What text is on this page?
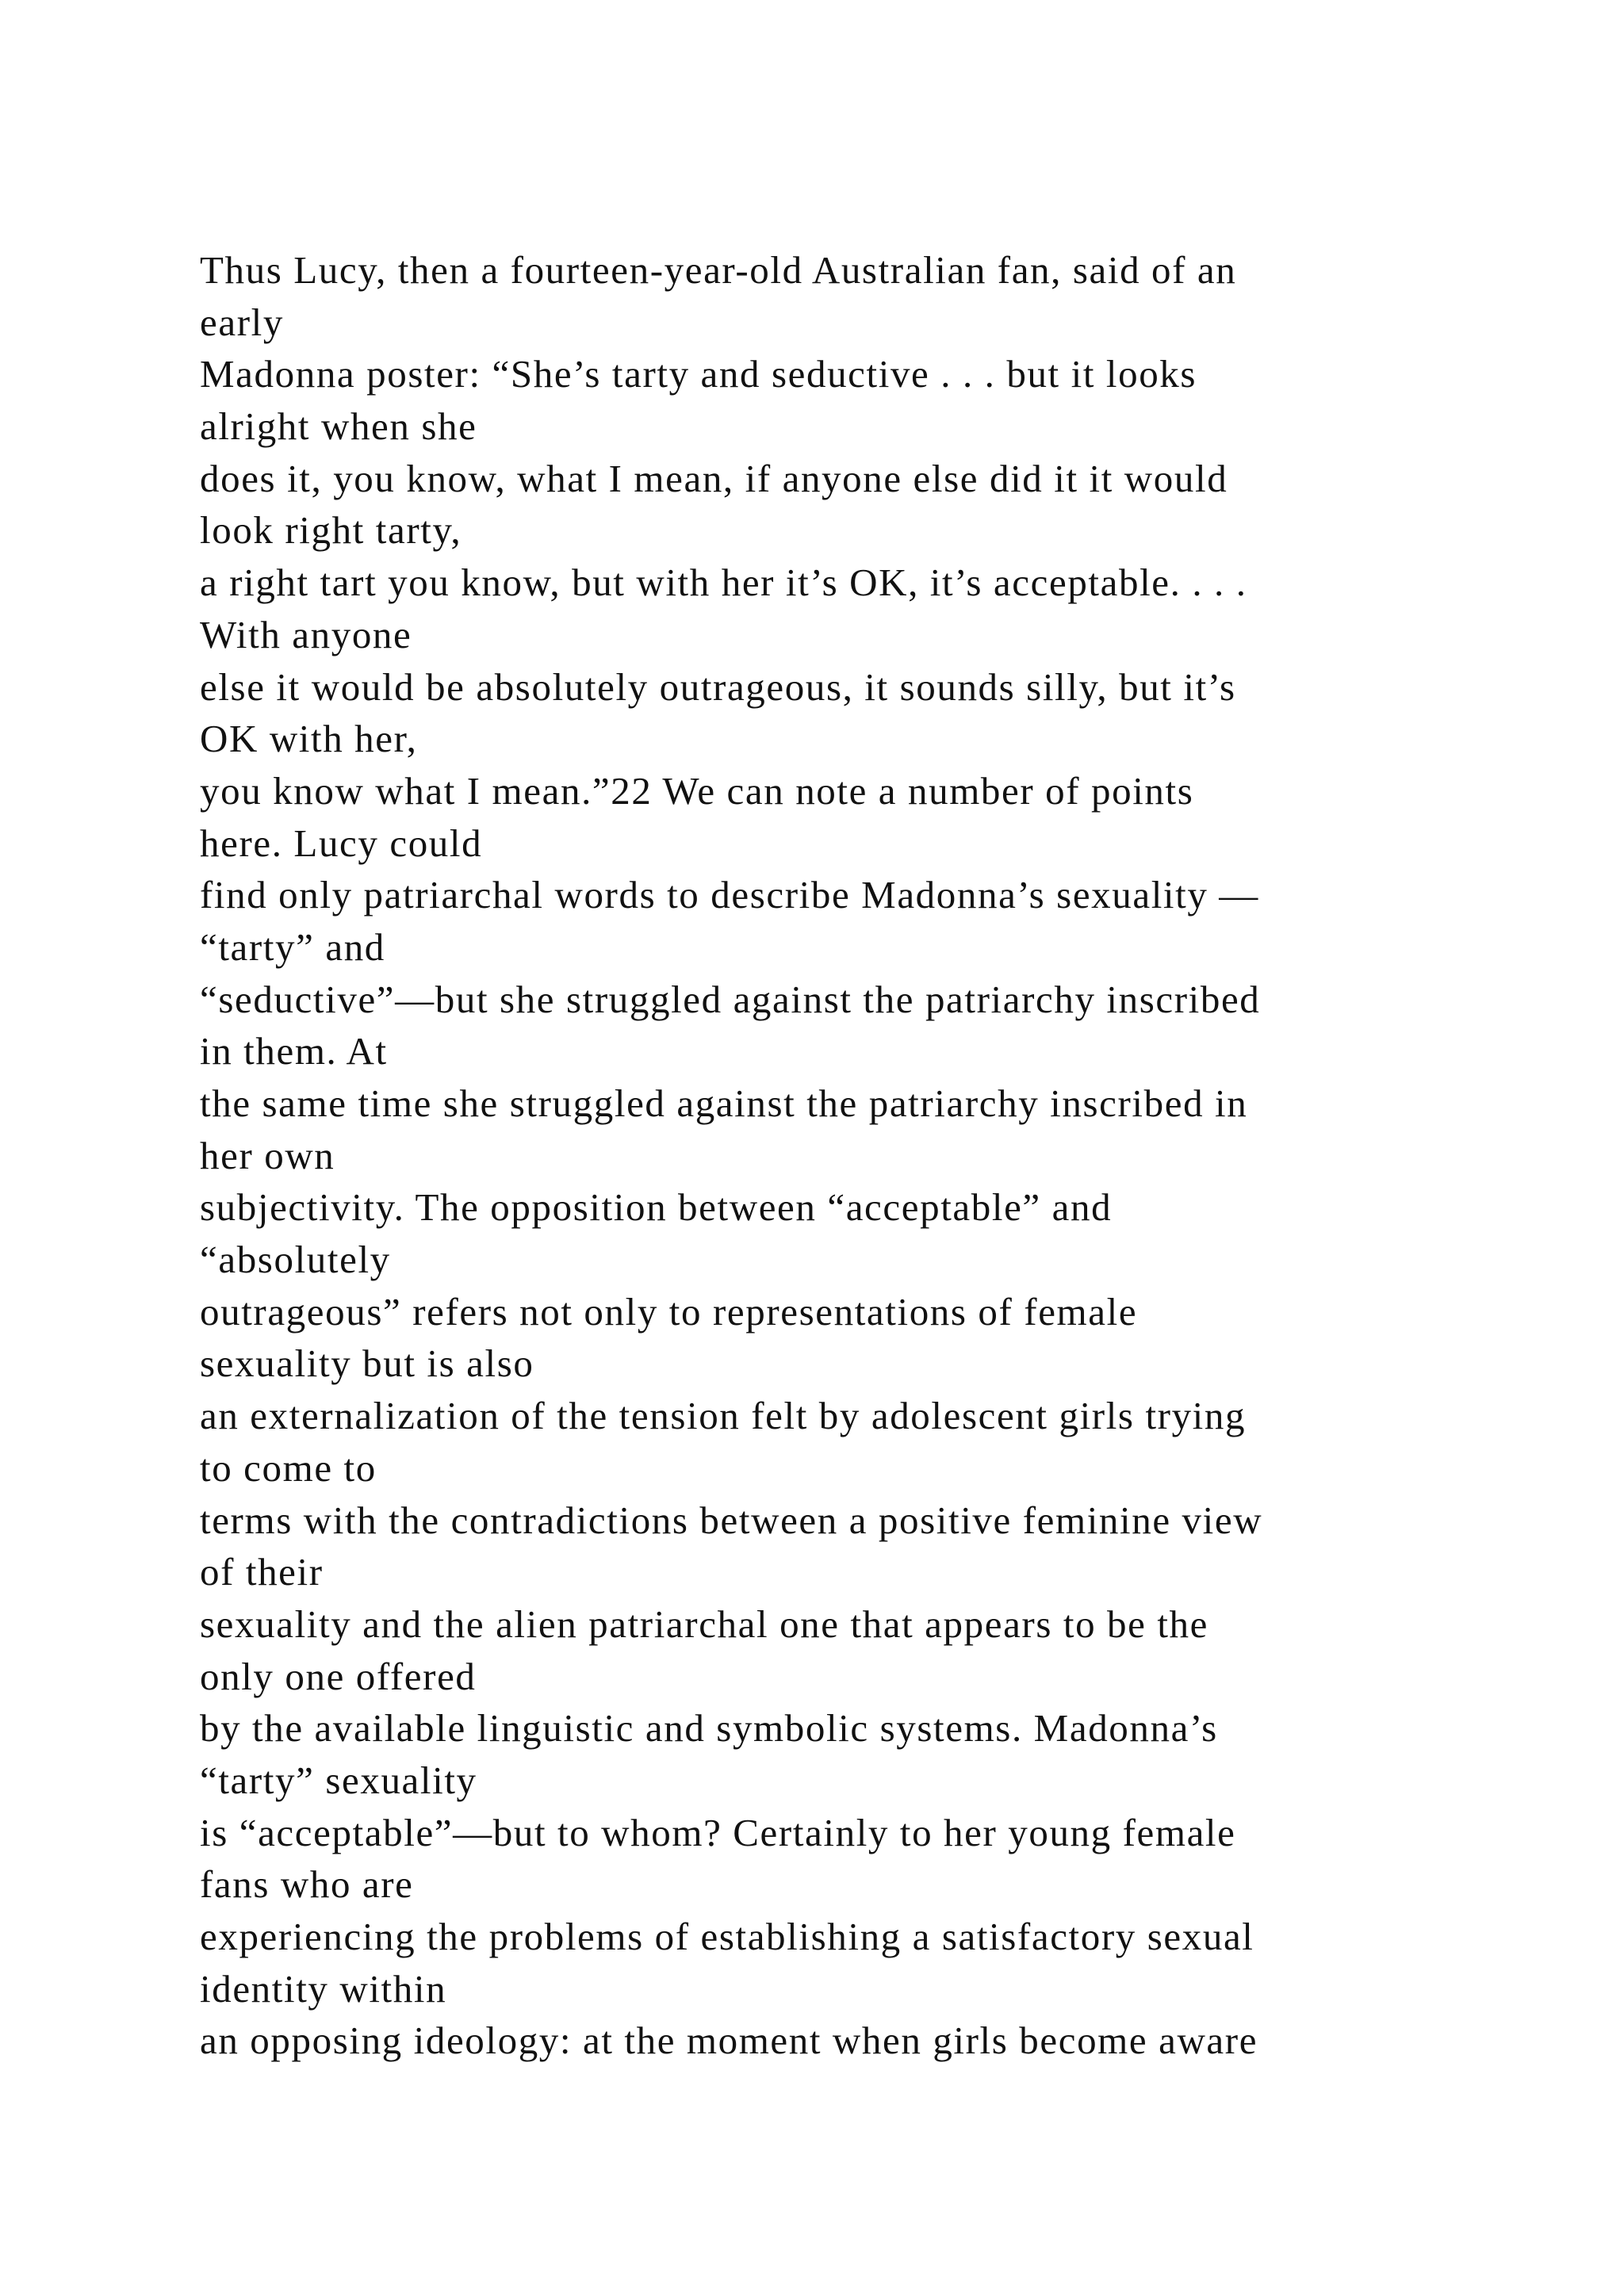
Thus Lucy, then a fourteen-year-old Australian fan, said of an
early
Madonna poster: “She’s tarty and seductive . . . but it looks
alright when she
does it, you know, what I mean, if anyone else did it it would
look right tarty,
a right tart you know, but with her it’s OK, it’s acceptable. . . .
With anyone
else it would be absolutely outrageous, it sounds silly, but it’s
OK with her,
you know what I mean.”22 We can note a number of points
here. Lucy could
find only patriarchal words to describe Madonna’s sexuality —
“tarty” and
“seductive”—but she struggled against the patriarchy inscribed
in them. At
the same time she struggled against the patriarchy inscribed in
her own
subjectivity. The opposition between “acceptable” and
“absolutely
outrageous” refers not only to representations of female
sexuality but is also
an externalization of the tension felt by adolescent girls trying
to come to
terms with the contradictions between a positive feminine view
of their
sexuality and the alien patriarchal one that appears to be the
only one offered
by the available linguistic and symbolic systems. Madonna’s
“tarty” sexuality
is “acceptable”—but to whom? Certainly to her young female
fans who are
experiencing the problems of establishing a satisfactory sexual
identity within
an opposing ideology: at the moment when girls become aware
